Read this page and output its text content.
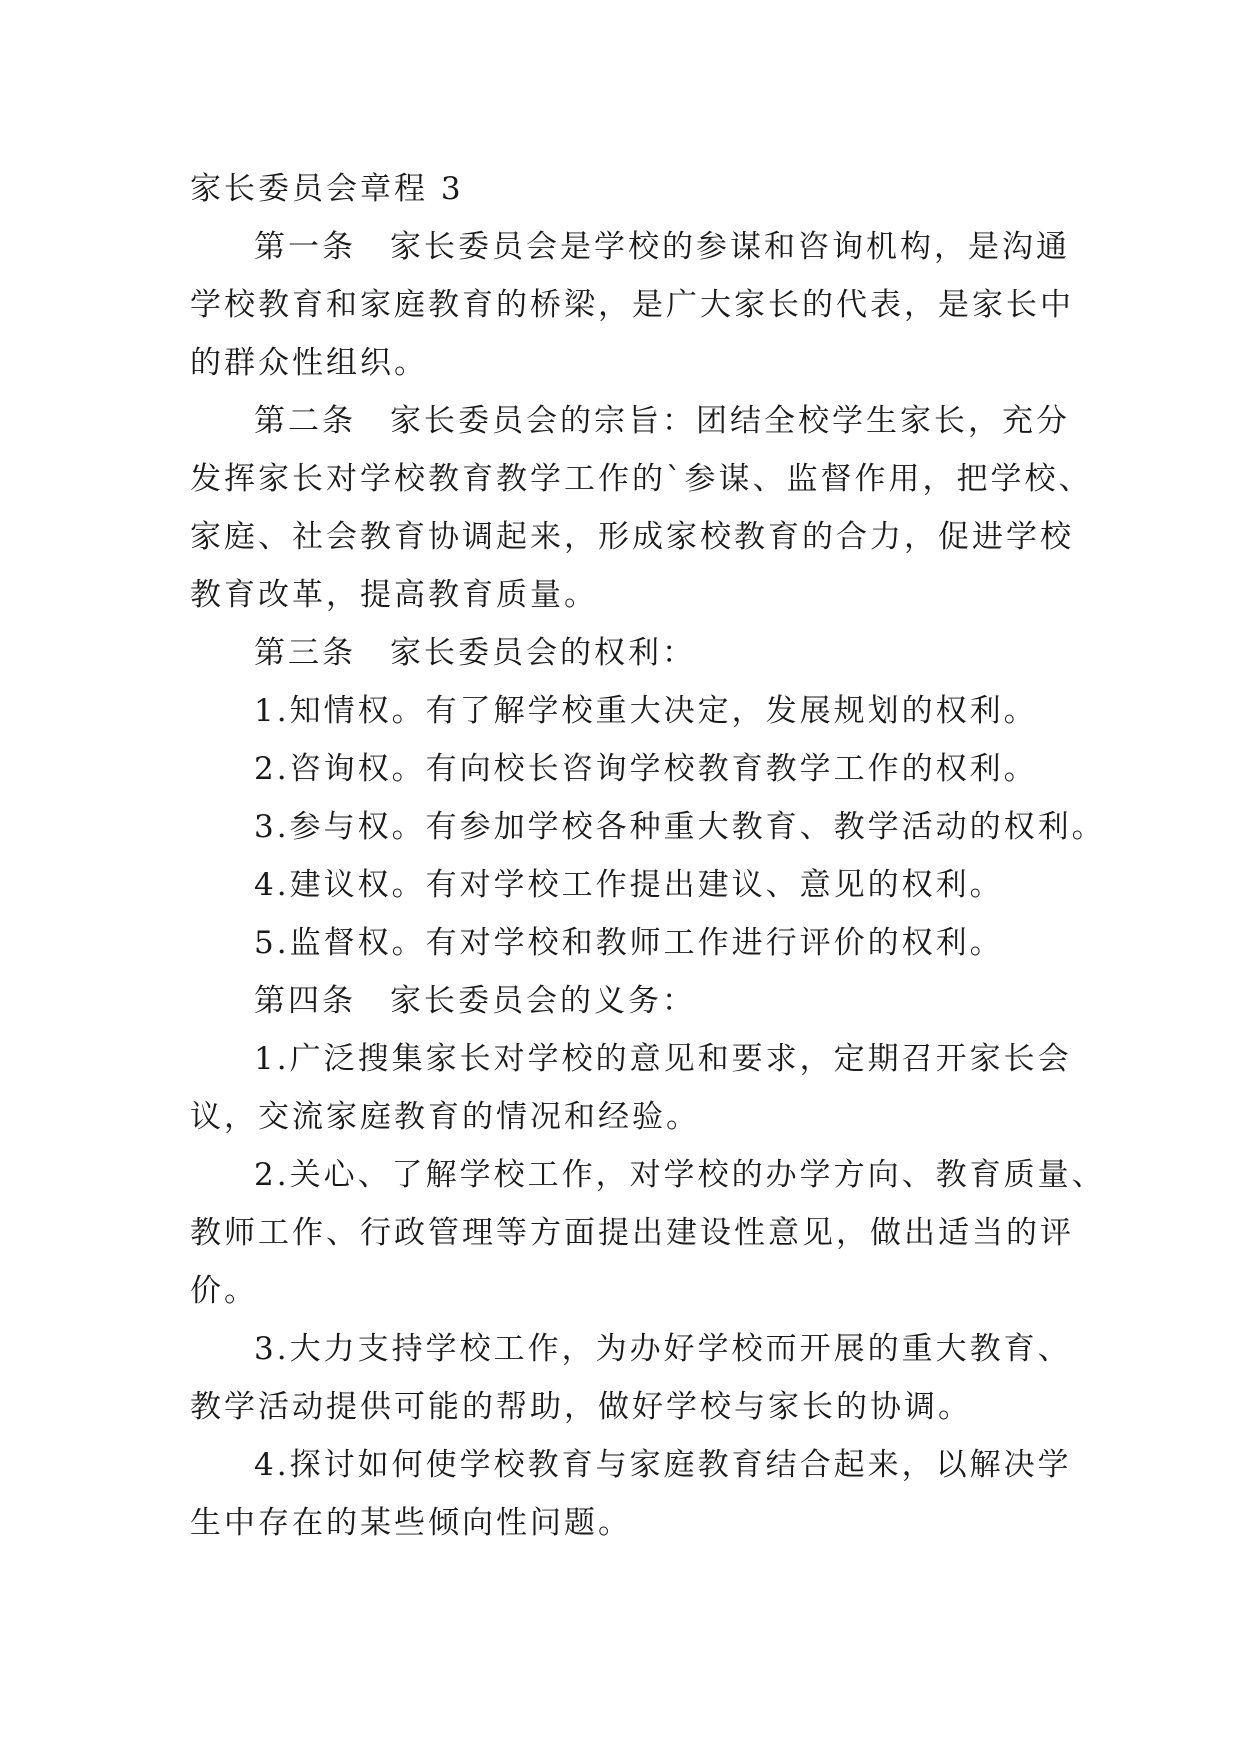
家长委员会章程 3
第一条　家长委员会是学校的参谋和咨询机构，是沟通
学校教育和家庭教育的桥梁，是广大家长的代表，是家长中
的群众性组织。
第二条　家长委员会的宗旨：团结全校学生家长，充分
发挥家长对学校教育教学工作的`参谋、监督作用，把学校、
家庭、社会教育协调起来，形成家校教育的合力，促进学校
教育改革，提高教育质量。
第三条　家长委员会的权利：
1.知情权。有了解学校重大决定，发展规划的权利。
2.咨询权。有向校长咨询学校教育教学工作的权利。
3.参与权。有参加学校各种重大教育、教学活动的权利。
4.建议权。有对学校工作提出建议、意见的权利。
5.监督权。有对学校和教师工作进行评价的权利。
第四条　家长委员会的义务：
1.广泛搜集家长对学校的意见和要求，定期召开家长会
议，交流家庭教育的情况和经验。
2.关心、了解学校工作，对学校的办学方向、教育质量、
教师工作、行政管理等方面提出建设性意见，做出适当的评
价。
3.大力支持学校工作，为办好学校而开展的重大教育、
教学活动提供可能的帮助，做好学校与家长的协调。
4.探讨如何使学校教育与家庭教育结合起来，以解决学
生中存在的某些倾向性问题。
